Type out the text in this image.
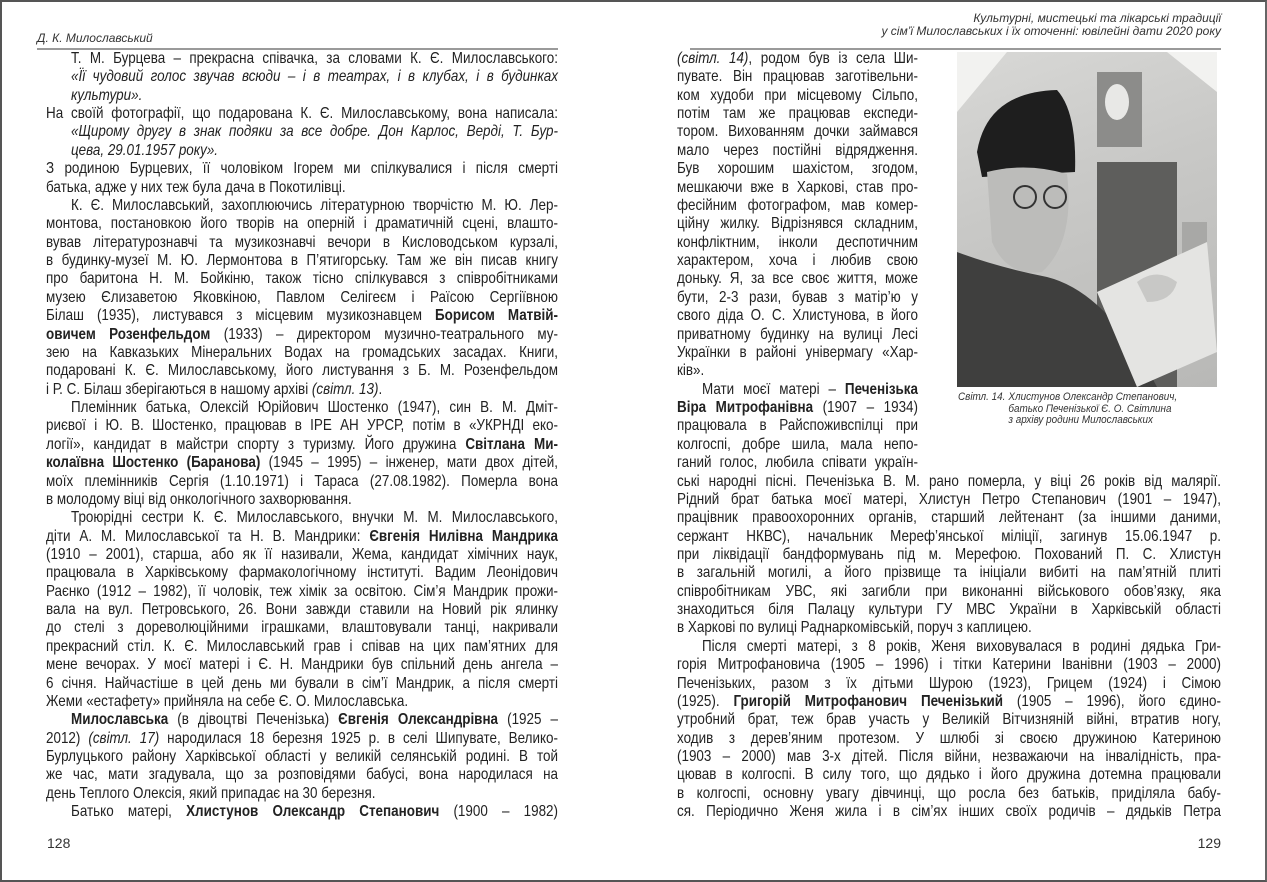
Д. К. Милославський
Культурні, мистецькі та лікарські традиції
у сім’ї Милославських і їх оточенні: ювілейні дати 2020 року
Т. М. Бурцева – прекрасна співачка, за словами К. Є. Милославського:
«Її чудовий голос звучав всюди – і в театрах, і в клубах, і в будинках
культури».
На своїй фотографії, що подарована К. Є. Милославському, вона написала:
«Щирому другу в знак подяки за все добре. Дон Карлос, Верді, Т. Бур-
цева, 29.01.1957 року».
З родиною Бурцевих, її чоловіком Ігорем ми спілкувалися і після смерті
батька, адже у них теж була дача в Покотилівці.
К. Є. Милославський, захоплюючись літературною творчістю М. Ю. Лер-
монтова, постановкою його творів на оперній і драматичній сцені, влашто-
вував літературознавчі та музикознавчі вечори в Кисловодськом курзалі,
в будинку-музеї М. Ю. Лермонтова в П’ятигорську. Там же він писав книгу
про баритона Н. М. Бойкіню, також тісно спілкувався з співробітниками
музею Єлизаветою Яковкіною, Павлом Селігеєм і Раїсою Сергіївною
Білаш (1935), листувався з місцевим музикознавцем Борисом Матвій-
овичем Розенфельдом (1933) – директором музично-театрального му-
зею на Кавказьких Мінеральних Водах на громадських засадах. Книги,
подаровані К. Є. Милославському, його листування з Б. М. Розенфельдом
і Р. С. Білаш зберігаються в нашому архіві (світл. 13).
Племінник батька, Олексій Юрійович Шостенко (1947), син В. М. Дміт-
риєвої і Ю. В. Шостенко, працював в ІРЕ АН УРСР, потім в «УКРНДІ еко-
логії», кандидат в майстри спорту з туризму. Його дружина Світлана Ми-
колаївна Шостенко (Баранова) (1945 – 1995) – інженер, мати двох дітей,
моїх племінників Сергія (1.10.1971) і Тараса (27.08.1982). Померла вона
в молодому віці від онкологічного захворювання.
Троюрідні сестри К. Є. Милославського, внучки М. М. Милославського,
діти А. М. Милославської та Н. В. Мандрики: Євгенія Нилівна Мандрика
(1910 – 2001), старша, або як її називали, Жема, кандидат хімічних наук,
працювала в Харківському фармакологічному інституті. Вадим Леонідович
Раєнко (1912 – 1982), її чоловік, теж хімік за освітою. Сім’я Мандрик прожи-
вала на вул. Петровського, 26. Вони завжди ставили на Новий рік ялинку
до стелі з дореволюційними іграшками, влаштовували танці, накривали
прекрасний стіл. К. Є. Милославський грав і співав на цих пам’ятних для
мене вечорах. У моєї матері і Є. Н. Мандрики був спільний день ангела –
6 січня. Найчастіше в цей день ми бували в сім’ї Мандрик, а після смерті
Жеми «естафету» прийняла на себе Є. О. Милославська.
Милославська (в дівоцтві Печенізька) Євгенія Олександрівна (1925 –
2012) (світл. 17) народилася 18 березня 1925 р. в селі Шипувате, Велико-
Бурлуцького району Харківської області у великій селянській родині. В той
же час, мати згадувала, що за розповідями бабусі, вона народилася на
день Теплого Олексія, який припадає на 30 березня.
Батько матері, Хлистунов Олександр Степанович (1900 – 1982)
(світл. 14), родом був із села Ши-
пувате. Він працював заготівельни-
ком худоби при місцевому Сільпо,
потім там же працював експеди-
тором. Вихованням дочки займався
мало через постійні відрядження.
Був хорошим шахістом, згодом,
мешкаючи вже в Харкові, став про-
фесійним фотографом, мав комер-
ційну жилку. Відрізнявся складним,
конфліктним, інколи деспотичним
характером, хоча і любив свою
доньку. Я, за все своє життя, може
бути, 2-3 рази, бував з матір’ю у
свого діда О. С. Хлистунова, в його
приватному будинку на вулиці Лесі
Українки в районі універмагу «Хар-
ків».
Мати моєї матері – Печенізька
Віра Митрофанівна (1907 – 1934)
працювала в Райспоживспілці при
колгоспі, добре шила, мала непо-
ганий голос, любила співати україн-
ські народні пісні. Печенізька В. М. рано померла, у віці 26 років від малярії.
Рідний брат батька моєї матері, Хлистун Петро Степанович (1901 – 1947),
працівник правоохоронних органів, старший лейтенант (за іншими даними,
сержант НКВС), начальник Мереф’янської міліції, загинув 15.06.1947 р.
при ліквідації бандформувань під м. Мерефою. Похований П. С. Хлистун
в загальній могилі, а його прізвище та ініціали вибиті на пам’ятній плиті
співробітникам УВС, які загибли при виконанні військового обов’язку, яка
знаходиться біля Палацу культури ГУ МВС України в Харківській області
в Харкові по вулиці Раднаркомівській, поруч з каплицею.
Після смерті матері, з 8 років, Женя виховувалася в родині дядька Гри-
горія Митрофановича (1905 – 1996) і тітки Катерини Іванівни (1903 – 2000)
Печенізьких, разом з їх дітьми Шурою (1923), Грицем (1924) і Сімою
(1925). Григорій Митрофанович Печенізький (1905 – 1996), його єдино-
утробний брат, теж брав участь у Великій Вітчизняній війні, втратив ногу,
ходив з дерев’яним протезом. У шлюбі зі своєю дружиною Катериною
(1903 – 2000) мав 3-х дітей. Після війни, незважаючи на інвалідність, пра-
цював в колгоспі. В силу того, що дядько і його дружина дотемна працювали
в колгоспі, основну увагу дівчинці, що росла без батьків, приділяла бабу-
ся. Періодично Женя жила і в сім’ях інших своїх родичів – дядьків Петра
Світл. 14. Хлистунов Олександр Степанович,
батько Печенізької Є. О. Світлина
з архіву родини Милославських
128	129
